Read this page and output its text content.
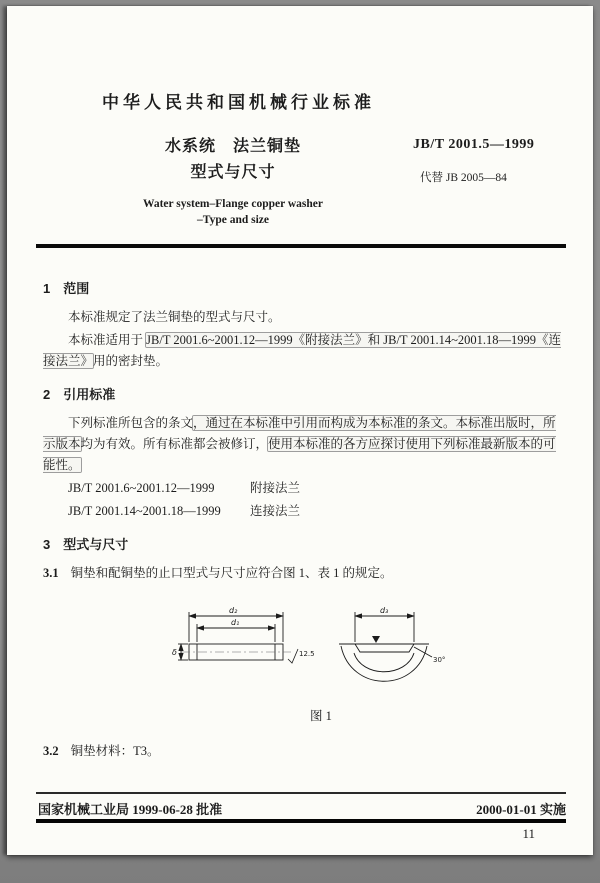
中华人民共和国机械行业标准
水系统　法兰铜垫
型式与尺寸
JB/T 2001.5—1999
代替 JB 2005—84
Water system–Flange copper washer
–Type and size
1　范围

本标准规定了法兰铜垫的型式与尺寸。

本标准适用于 JB/T 2001.6~2001.12—1999《附接法兰》和 JB/T 2001.14~2001.18—1999《连接法兰》用的密封垫。

2　引用标准

下列标准所包含的条文，通过在本标准中引用而构成为本标准的条文。本标准出版时，所示版本均为有效。所有标准都会被修订，使用本标准的各方应探讨使用下列标准最新版本的可能性。

JB/T 2001.6~2001.12—1999	附接法兰

JB/T 2001.14~2001.18—1999 连接法兰

3　型式与尺寸

3.1 铜垫和配铜垫的止口型式与尺寸应符合图 1、表 1 的规定。

d₂
d₁
δ	12.5
d₃
30°
图 1

3.2 铜垫材料：T3。

国家机械工业局 1999-06-28 批准	2000-01-01 实施
11
